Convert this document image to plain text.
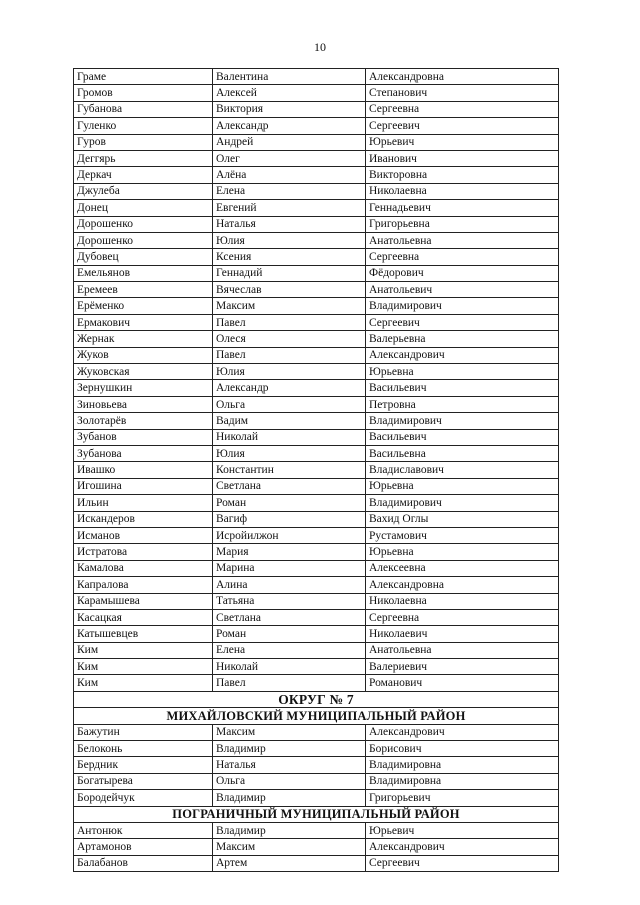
10
Граме	Валентина	Александровна
Громов	Алексей	Степанович
Губанова	Виктория	Сергеевна
Гуленко	Александр	Сергеевич
Гуров	Андрей	Юрьевич
Деггярь	Олег	Иванович
Деркач	Алёна	Викторовна
Джулеба	Елена	Николаевна
Донец	Евгений	Геннадьевич
Дорошенко	Наталья	Григорьевна
Дорошенко	Юлия	Анатольевна
Дубовец	Ксения	Сергеевна
Емельянов	Геннадий	Фёдорович
Еремеев	Вячеслав	Анатольевич
Ерёменко	Максим	Владимирович
Ермакович	Павел	Сергеевич
Жернак	Олеся	Валерьевна
Жуков	Павел	Александрович
Жуковская	Юлия	Юрьевна
Зернушкин	Александр	Васильевич
Зиновьева	Ольга	Петровна
Золотарёв	Вадим	Владимирович
Зубанов	Николай	Васильевич
Зубанова	Юлия	Васильевна
Ивашко	Константин	Владиславович
Игошина	Светлана	Юрьевна
Ильин	Роман	Владимирович
Искандеров	Вагиф	Вахид Оглы
Исманов	Исройилжон	Рустамович
Истратова	Мария	Юрьевна
Камалова	Марина	Алексеевна
Капралова	Алина	Александровна
Карамышева	Татьяна	Николаевна
Касацкая	Светлана	Сергеевна
Катышевцев	Роман	Николаевич
Ким	Елена	Анатольевна
Ким	Николай	Валериевич
Ким	Павел	Романович
ОКРУГ № 7		
МИХАЙЛОВСКИЙ МУНИЦИПАЛЬНЫЙ РАЙОН		
Бажутин	Максим	Александрович
Белоконь	Владимир	Борисович
Бердник	Наталья	Владимировна
Богатырева	Ольга	Владимировна
Бородейчук	Владимир	Григорьевич
ПОГРАНИЧНЫЙ МУНИЦИПАЛЬНЫЙ РАЙОН		
Антонюк	Владимир	Юрьевич
Артамонов	Максим	Александрович
Балабанов	Артем	Сергеевич
